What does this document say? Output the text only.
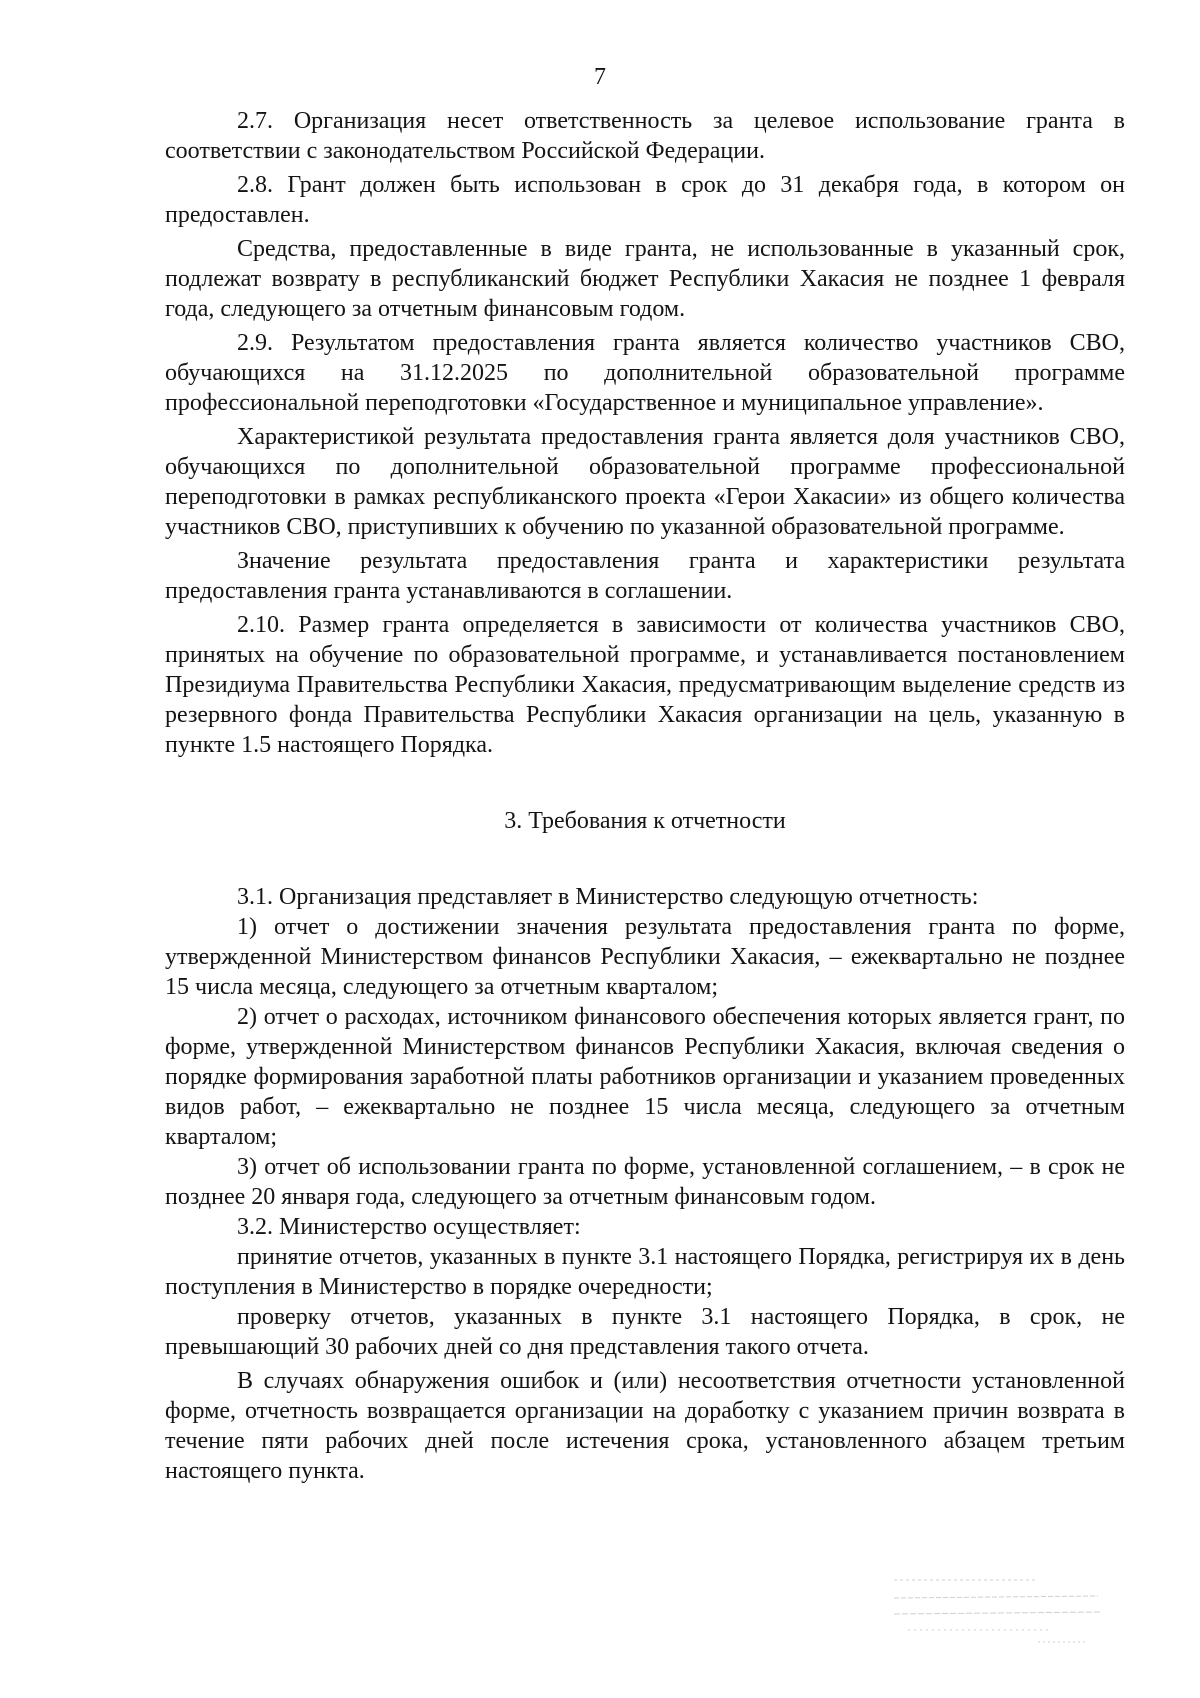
7

2.7. Организация несет ответственность за целевое использование гранта в соответствии с законодательством Российской Федерации.

2.8. Грант должен быть использован в срок до 31 декабря года, в котором он предоставлен.

Средства, предоставленные в виде гранта, не использованные в указанный срок, подлежат возврату в республиканский бюджет Республики Хакасия не позднее 1 февраля года, следующего за отчетным финансовым годом.

2.9. Результатом предоставления гранта является количество участников СВО, обучающихся на 31.12.2025 по дополнительной образовательной программе профессиональной переподготовки «Государственное и муниципальное управление».

Характеристикой результата предоставления гранта является доля участников СВО, обучающихся по дополнительной образовательной программе профессиональной переподготовки в рамках республиканского проекта «Герои Хакасии» из общего количества участников СВО, приступивших к обучению по указанной образовательной программе.

Значение результата предоставления гранта и характеристики результата предоставления гранта устанавливаются в соглашении.

2.10. Размер гранта определяется в зависимости от количества участников СВО, принятых на обучение по образовательной программе, и устанавливается постановлением Президиума Правительства Республики Хакасия, предусматривающим выделение средств из резервного фонда Правительства Республики Хакасия организации на цель, указанную в пункте 1.5 настоящего Порядка.

3. Требования к отчетности

3.1. Организация представляет в Министерство следующую отчетность:

1) отчет о достижении значения результата предоставления гранта по форме, утвержденной Министерством финансов Республики Хакасия, – ежеквартально не позднее 15 числа месяца, следующего за отчетным кварталом;

2) отчет о расходах, источником финансового обеспечения которых является грант, по форме, утвержденной Министерством финансов Республики Хакасия, включая сведения о порядке формирования заработной платы работников организации и указанием проведенных видов работ, – ежеквартально не позднее 15 числа месяца, следующего за отчетным кварталом;

3) отчет об использовании гранта по форме, установленной соглашением, – в срок не позднее 20 января года, следующего за отчетным финансовым годом.

3.2. Министерство осуществляет:

принятие отчетов, указанных в пункте 3.1 настоящего Порядка, регистрируя их в день поступления в Министерство в порядке очередности;

проверку отчетов, указанных в пункте 3.1 настоящего Порядка, в срок, не превышающий 30 рабочих дней со дня представления такого отчета.

В случаях обнаружения ошибок и (или) несоответствия отчетности установленной форме, отчетность возвращается организации на доработку с указанием причин возврата в течение пяти рабочих дней после истечения срока, установленного абзацем третьим настоящего пункта.
